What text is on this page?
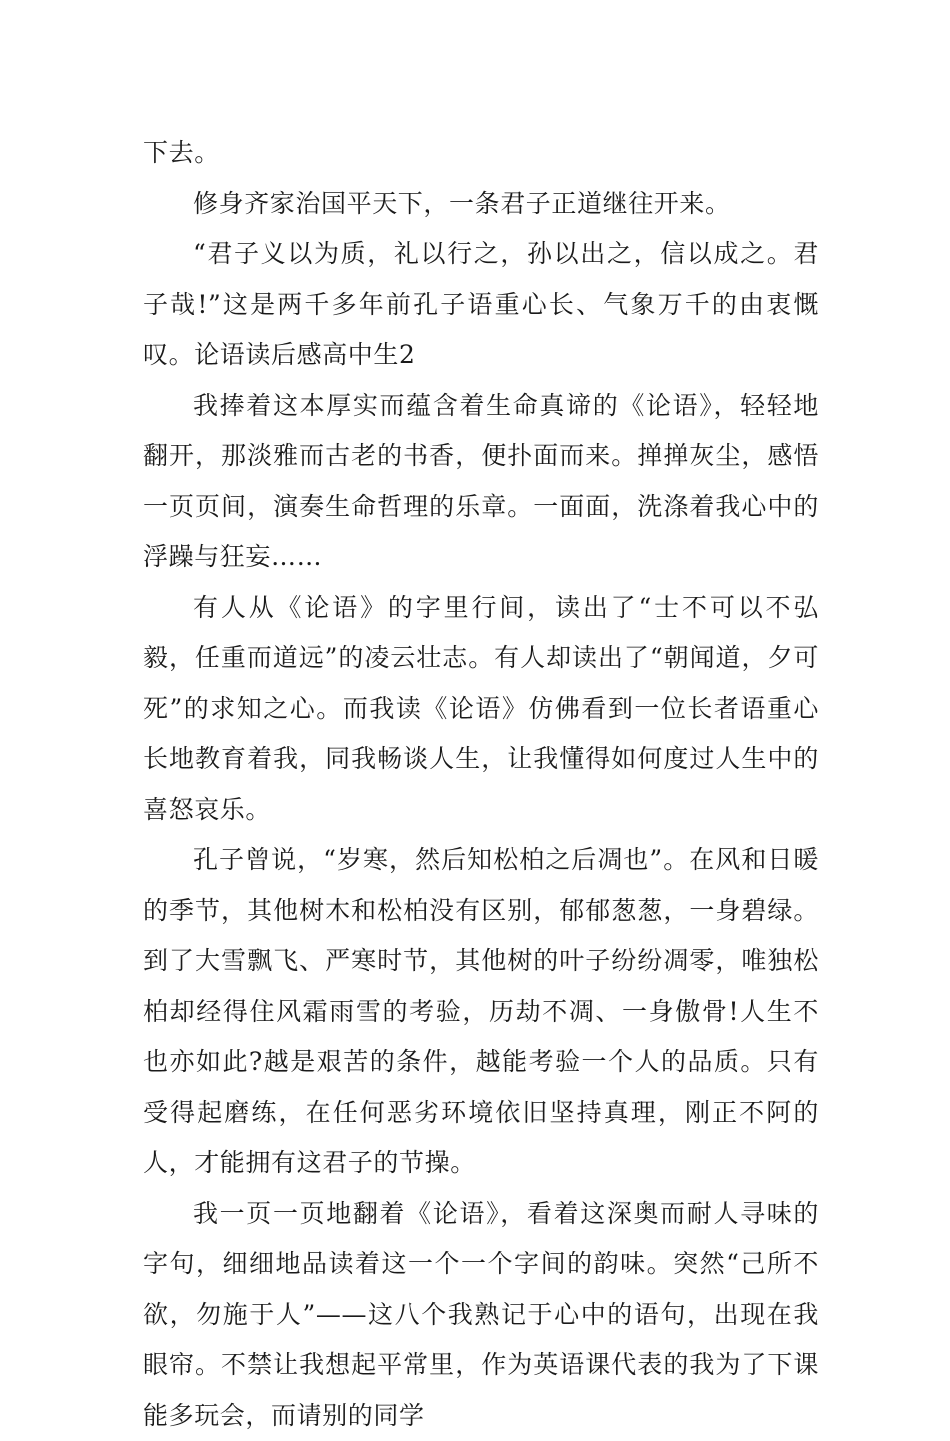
下去。

修身齐家治国平天下，一条君子正道继往开来。

“君子义以为质，礼以行之，孙以出之，信以成之。君子哉!”这是两千多年前孔子语重心长、气象万千的由衷慨叹。论语读后感高中生2

我捧着这本厚实而蕴含着生命真谛的《论语》，轻轻地翻开，那淡雅而古老的书香，便扑面而来。掸掸灰尘，感悟一页页间，演奏生命哲理的乐章。一面面，洗涤着我心中的浮躁与狂妄……

有人从《论语》的字里行间，读出了“士不可以不弘毅，任重而道远”的凌云壮志。有人却读出了“朝闻道，夕可死”的求知之心。而我读《论语》仿佛看到一位长者语重心长地教育着我，同我畅谈人生，让我懂得如何度过人生中的喜怒哀乐。

孔子曾说，“岁寒，然后知松柏之后凋也”。在风和日暖的季节，其他树木和松柏没有区别，郁郁葱葱，一身碧绿。到了大雪飘飞、严寒时节，其他树的叶子纷纷凋零，唯独松柏却经得住风霜雨雪的考验，历劫不凋、一身傲骨!人生不也亦如此?越是艰苦的条件，越能考验一个人的品质。只有受得起磨练，在任何恶劣环境依旧坚持真理，刚正不阿的人，才能拥有这君子的节操。

我一页一页地翻着《论语》，看着这深奥而耐人寻味的字句，细细地品读着这一个一个字间的韵味。突然“己所不欲，勿施于人”——这八个我熟记于心中的语句，出现在我眼帘。不禁让我想起平常里，作为英语课代表的我为了下课能多玩会，而请别的同学
